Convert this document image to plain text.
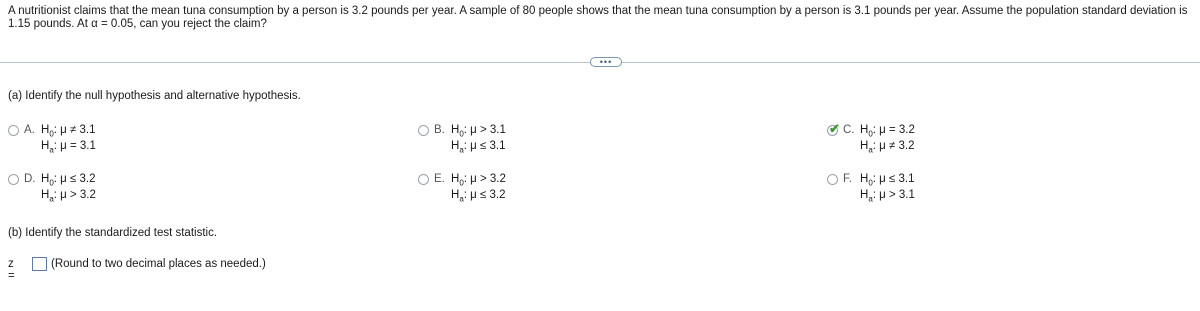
A nutritionist claims that the mean tuna consumption by a person is 3.2 pounds per year. A sample of 80 people shows that the mean tuna consumption by a person is 3.1 pounds per year. Assume the population standard deviation is 1.15 pounds. At α = 0.05, can you reject the claim?
•••
(a) Identify the null hypothesis and alternative hypothesis.
A. $H_0$: μ ≠ 3.1
$H_a$: μ = 3.1
B. $H_0$: μ > 3.1
$H_a$: μ ≤ 3.1
✔ C. $H_0$: μ = 3.2
$H_a$: μ ≠ 3.2
D. $H_0$: μ ≤ 3.2
$H_a$: μ > 3.2
E. $H_0$: μ > 3.2
$H_a$: μ ≤ 3.2
F. $H_0$: μ ≤ 3.1
$H_a$: μ > 3.1
(b) Identify the standardized test statistic.
z =
(Round to two decimal places as needed.)
